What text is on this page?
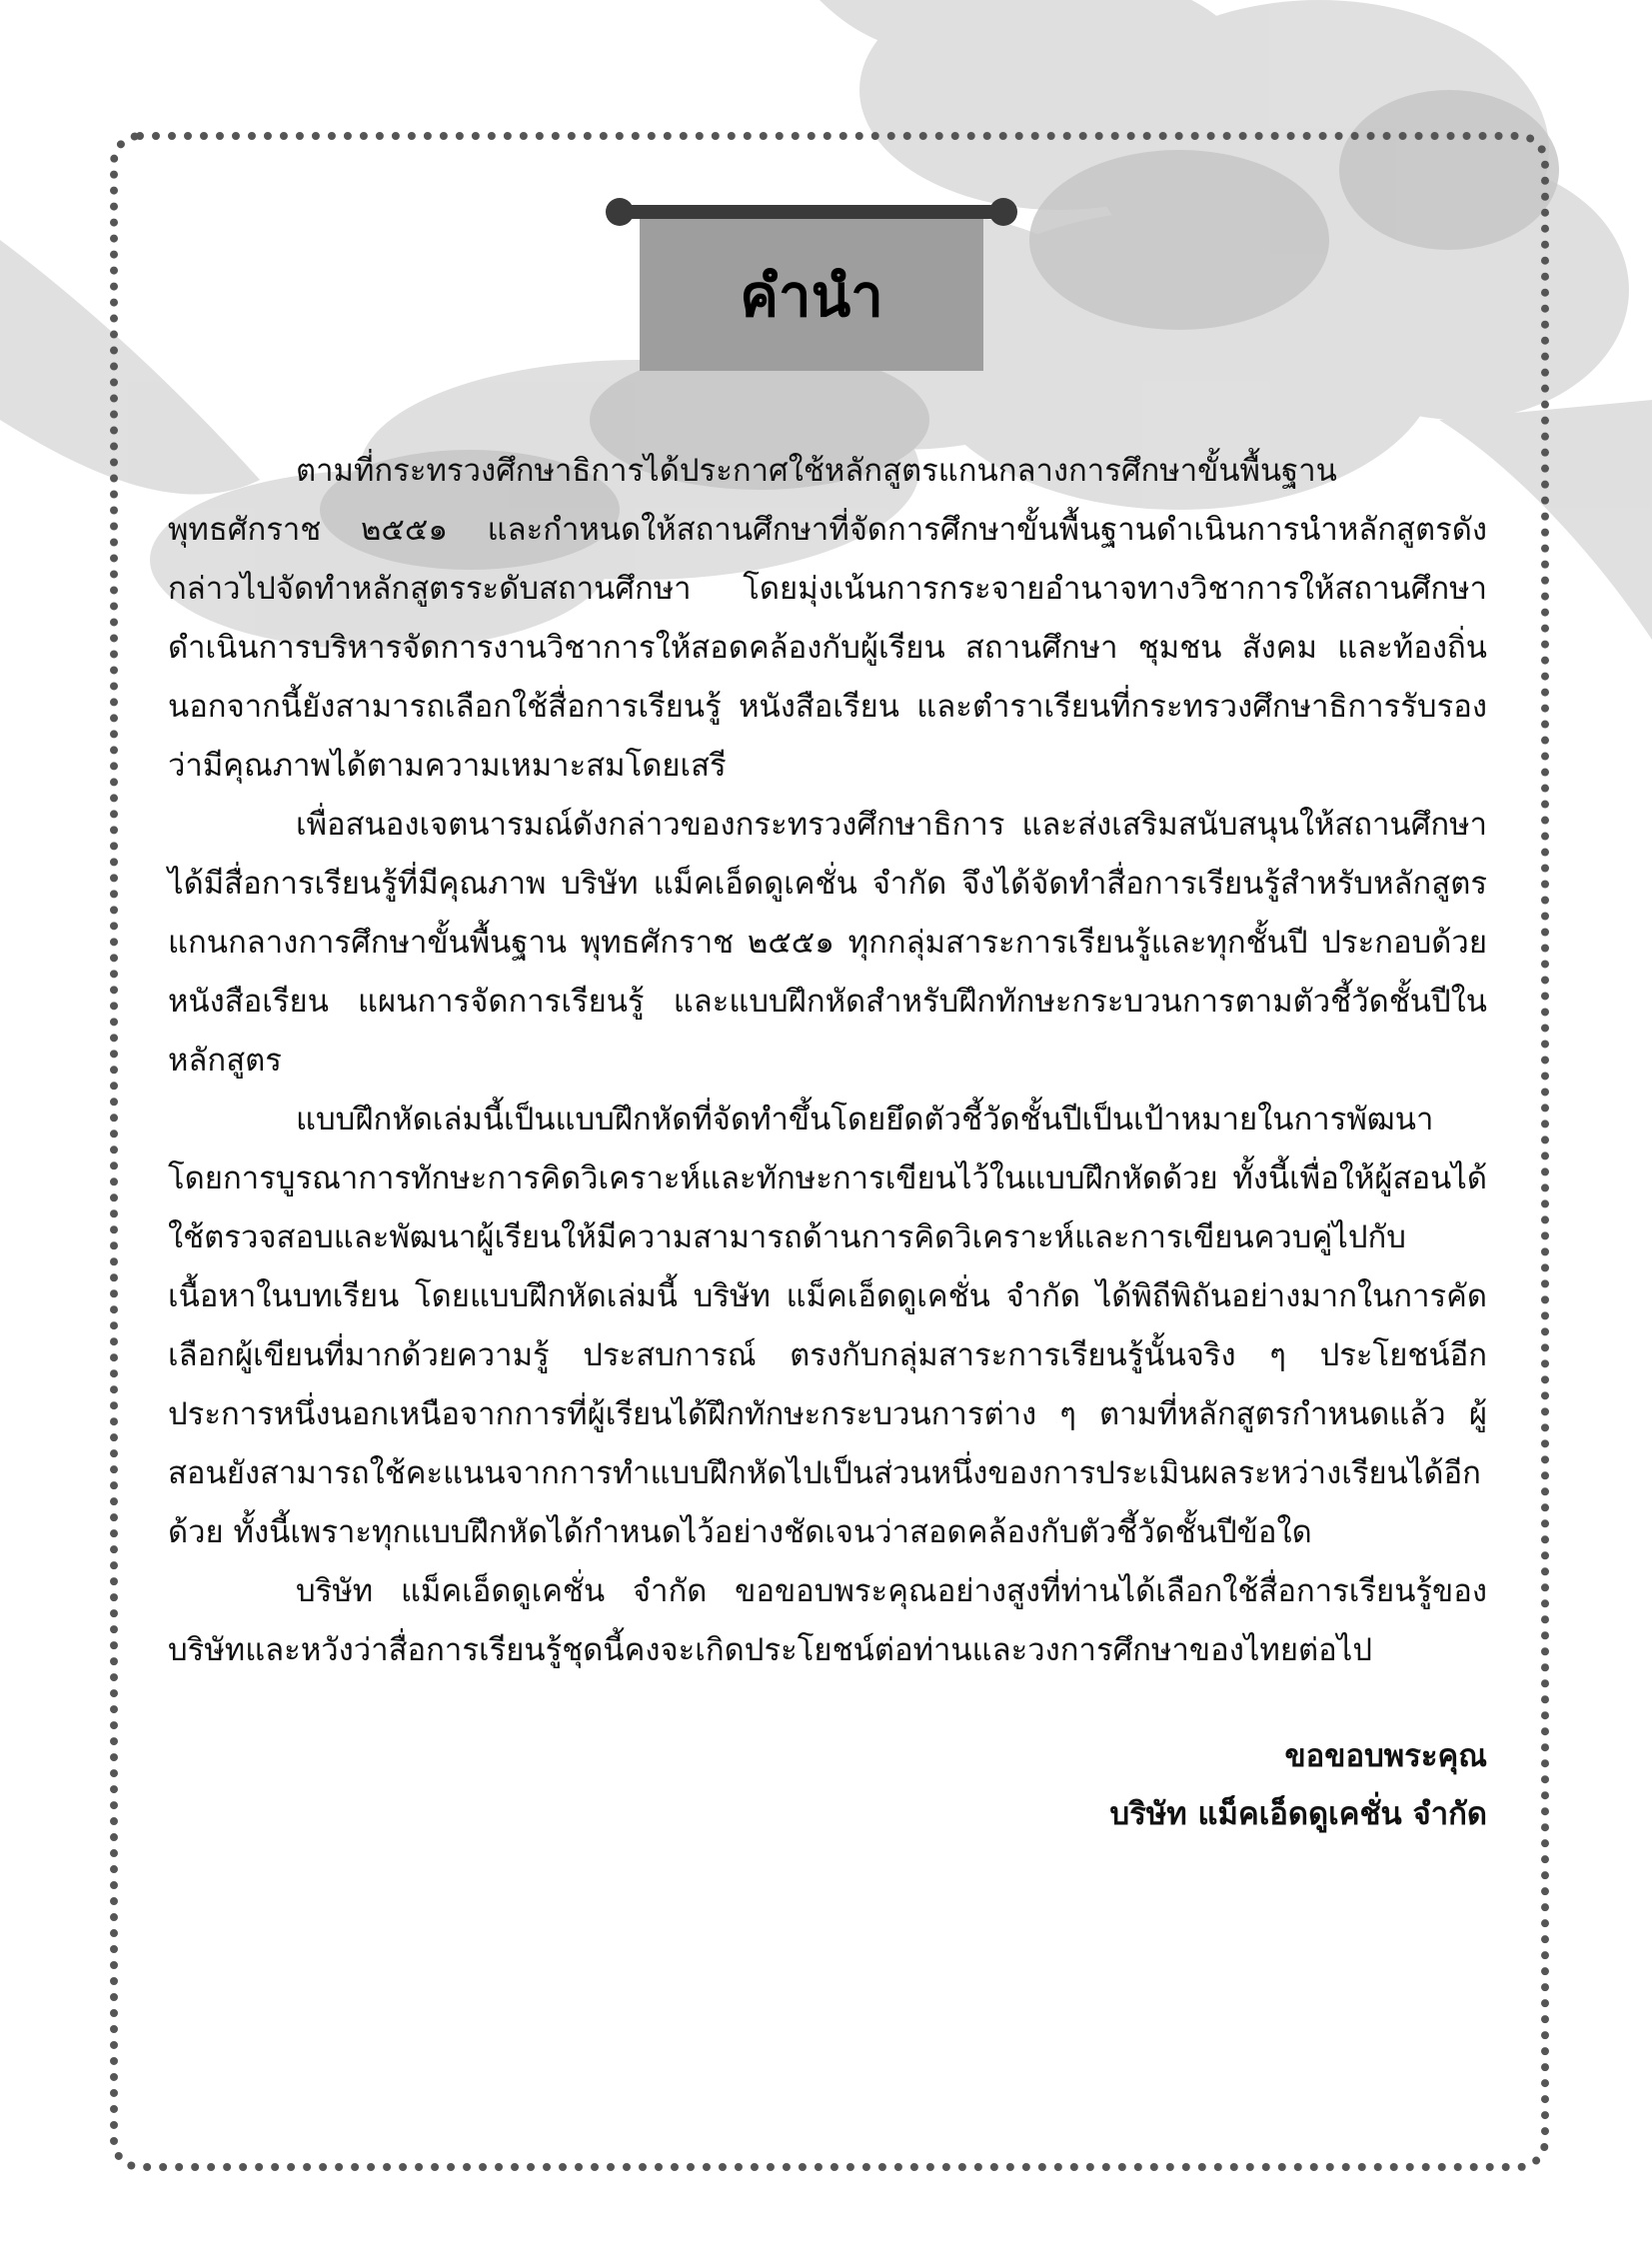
คำนำ

ตามที่กระทรวงศึกษาธิการได้ประกาศใช้หลักสูตรแกนกลางการศึกษาขั้นพื้นฐาน พุทธศักราช ๒๕๕๑ และกำหนดให้สถานศึกษาที่จัดการศึกษาขั้นพื้นฐานดำเนินการนำหลักสูตรดังกล่าวไปจัดทำหลักสูตรระดับสถานศึกษา โดยมุ่งเน้นการกระจายอำนาจทางวิชาการให้สถานศึกษาดำเนินการบริหารจัดการงานวิชาการให้สอดคล้องกับผู้เรียน สถานศึกษา ชุมชน สังคม และท้องถิ่น นอกจากนี้ยังสามารถเลือกใช้สื่อการเรียนรู้ หนังสือเรียน และตำราเรียนที่กระทรวงศึกษาธิการรับรองว่ามีคุณภาพได้ตามความเหมาะสมโดยเสรี

เพื่อสนองเจตนารมณ์ดังกล่าวของกระทรวงศึกษาธิการ และส่งเสริมสนับสนุนให้สถานศึกษาได้มีสื่อการเรียนรู้ที่มีคุณภาพ บริษัท แม็คเอ็ดดูเคชั่น จำกัด จึงได้จัดทำสื่อการเรียนรู้สำหรับหลักสูตรแกนกลางการศึกษาขั้นพื้นฐาน พุทธศักราช ๒๕๕๑ ทุกกลุ่มสาระการเรียนรู้และทุกชั้นปี ประกอบด้วยหนังสือเรียน แผนการจัดการเรียนรู้ และแบบฝึกหัดสำหรับฝึกทักษะกระบวนการตามตัวชี้วัดชั้นปีในหลักสูตร

แบบฝึกหัดเล่มนี้เป็นแบบฝึกหัดที่จัดทำขึ้นโดยยึดตัวชี้วัดชั้นปีเป็นเป้าหมายในการพัฒนา โดยการบูรณาการทักษะการคิดวิเคราะห์และทักษะการเขียนไว้ในแบบฝึกหัดด้วย ทั้งนี้เพื่อให้ผู้สอนได้ใช้ตรวจสอบและพัฒนาผู้เรียนให้มีความสามารถด้านการคิดวิเคราะห์และการเขียนควบคู่ไปกับเนื้อหาในบทเรียน โดยแบบฝึกหัดเล่มนี้ บริษัท แม็คเอ็ดดูเคชั่น จำกัด ได้พิถีพิถันอย่างมากในการคัดเลือกผู้เขียนที่มากด้วยความรู้ ประสบการณ์ ตรงกับกลุ่มสาระการเรียนรู้นั้นจริง ๆ ประโยชน์อีกประการหนึ่งนอกเหนือจากการที่ผู้เรียนได้ฝึกทักษะกระบวนการต่าง ๆ ตามที่หลักสูตรกำหนดแล้ว ผู้สอนยังสามารถใช้คะแนนจากการทำแบบฝึกหัดไปเป็นส่วนหนึ่งของการประเมินผลระหว่างเรียนได้อีกด้วย ทั้งนี้เพราะทุกแบบฝึกหัดได้กำหนดไว้อย่างชัดเจนว่าสอดคล้องกับตัวชี้วัดชั้นปีข้อใด

บริษัท แม็คเอ็ดดูเคชั่น จำกัด ขอขอบพระคุณอย่างสูงที่ท่านได้เลือกใช้สื่อการเรียนรู้ของบริษัทและหวังว่าสื่อการเรียนรู้ชุดนี้คงจะเกิดประโยชน์ต่อท่านและวงการศึกษาของไทยต่อไป

ขอขอบพระคุณ
บริษัท แม็คเอ็ดดูเคชั่น จำกัด
